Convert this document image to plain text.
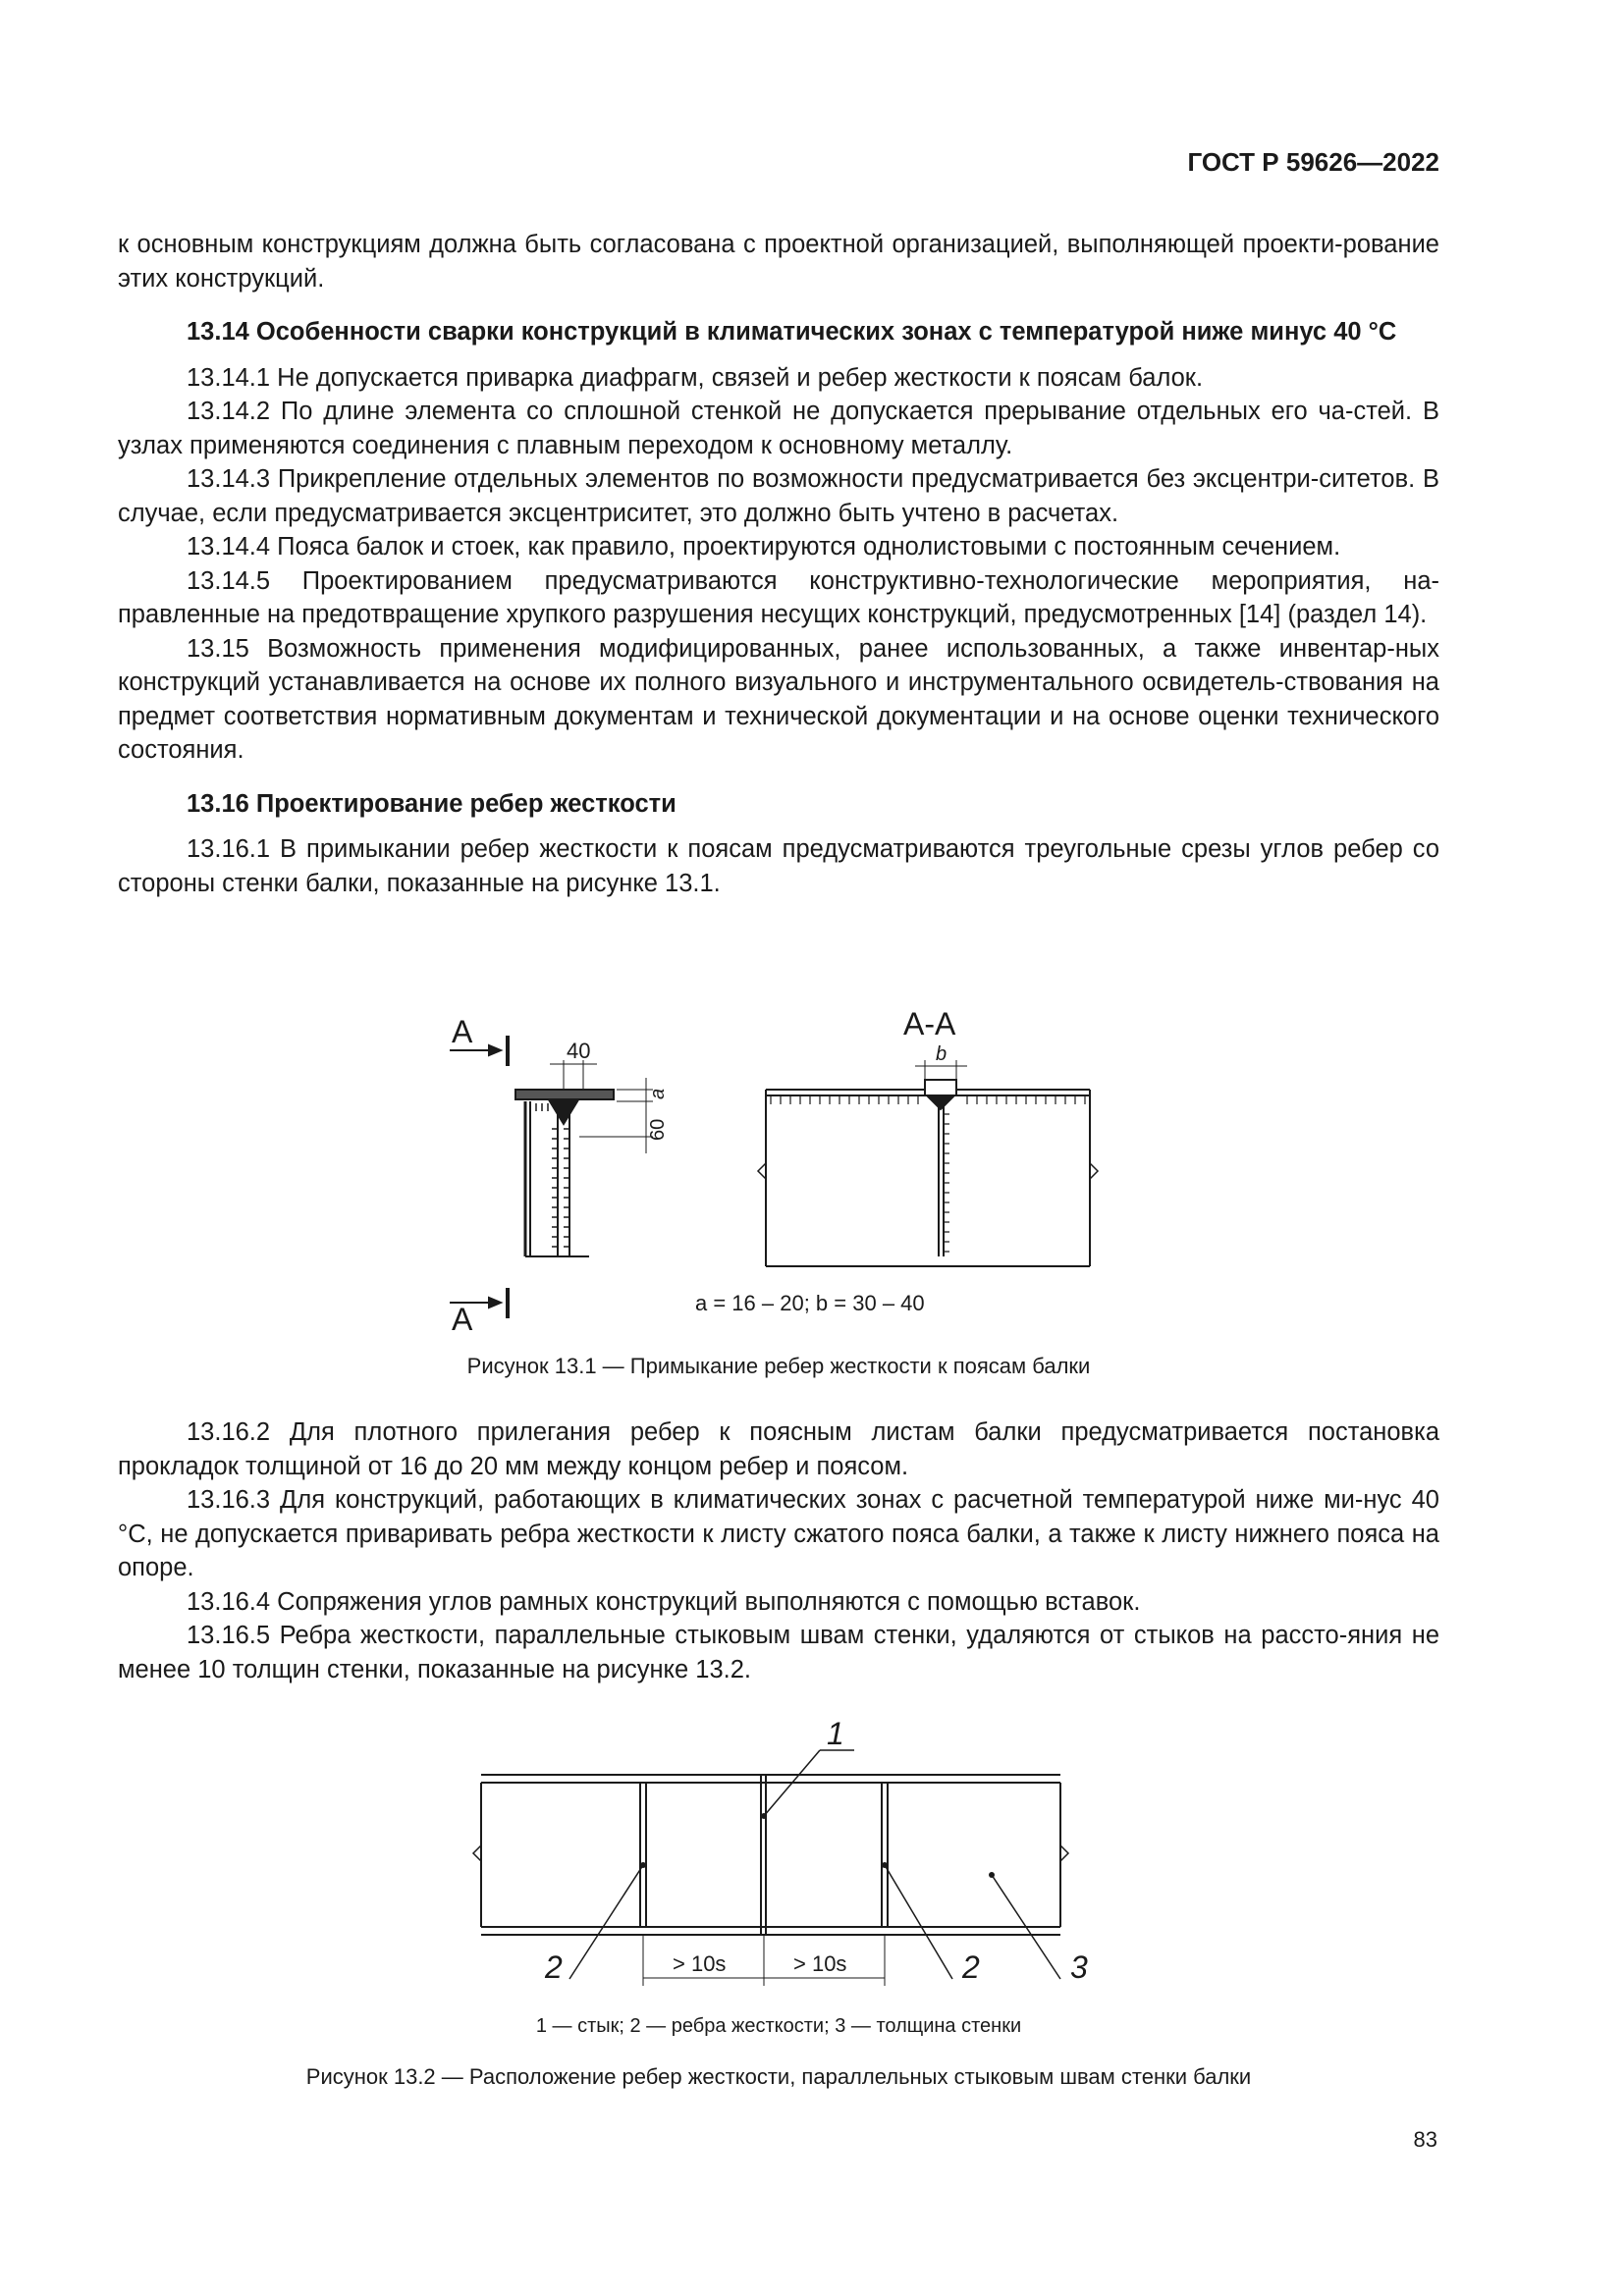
ГОСТ Р 59626—2022

к основным конструкциям должна быть согласована с проектной организацией, выполняющей проекти-рование этих конструкций.

13.14 Особенности сварки конструкций в климатических зонах с температурой ниже минус 40 °С

13.14.1 Не допускается приварка диафрагм, связей и ребер жесткости к поясам балок.

13.14.2 По длине элемента со сплошной стенкой не допускается прерывание отдельных его ча-стей. В узлах применяются соединения с плавным переходом к основному металлу.

13.14.3 Прикрепление отдельных элементов по возможности предусматривается без эксцентри-ситетов. В случае, если предусматривается эксцентриситет, это должно быть учтено в расчетах.

13.14.4 Пояса балок и стоек, как правило, проектируются однолистовыми с постоянным сечением.

13.14.5 Проектированием предусматриваются конструктивно-технологические мероприятия, на-правленные на предотвращение хрупкого разрушения несущих конструкций, предусмотренных [14] (раздел 14).

13.15 Возможность применения модифицированных, ранее использованных, а также инвентар-ных конструкций устанавливается на основе их полного визуального и инструментального освидетель-ствования на предмет соответствия нормативным документам и технической документации и на основе оценки технического состояния.

13.16 Проектирование ребер жесткости

13.16.1 В примыкании ребер жесткости к поясам предусматриваются треугольные срезы углов ребер со стороны стенки балки, показанные на рисунке 13.1.

А
А
40
a
60
А-А
b
a = 16 – 20; b = 30 – 40
Рисунок 13.1 — Примыкание ребер жесткости к поясам балки

13.16.2 Для плотного прилегания ребер к поясным листам балки предусматривается постановка прокладок толщиной от 16 до 20 мм между концом ребер и поясом.

13.16.3 Для конструкций, работающих в климатических зонах с расчетной температурой ниже ми-нус 40 °С, не допускается приваривать ребра жесткости к листу сжатого пояса балки, а также к листу нижнего пояса на опоре.

13.16.4 Сопряжения углов рамных конструкций выполняются с помощью вставок.

13.16.5 Ребра жесткости, параллельные стыковым швам стенки, удаляются от стыков на рассто-яния не менее 10 толщин стенки, показанные на рисунке 13.2.

1
2	2	3
> 10s	> 10s
1 — стык; 2 — ребра жесткости; 3 — толщина стенки
Рисунок 13.2 — Расположение ребер жесткости, параллельных стыковым швам стенки балки
83
